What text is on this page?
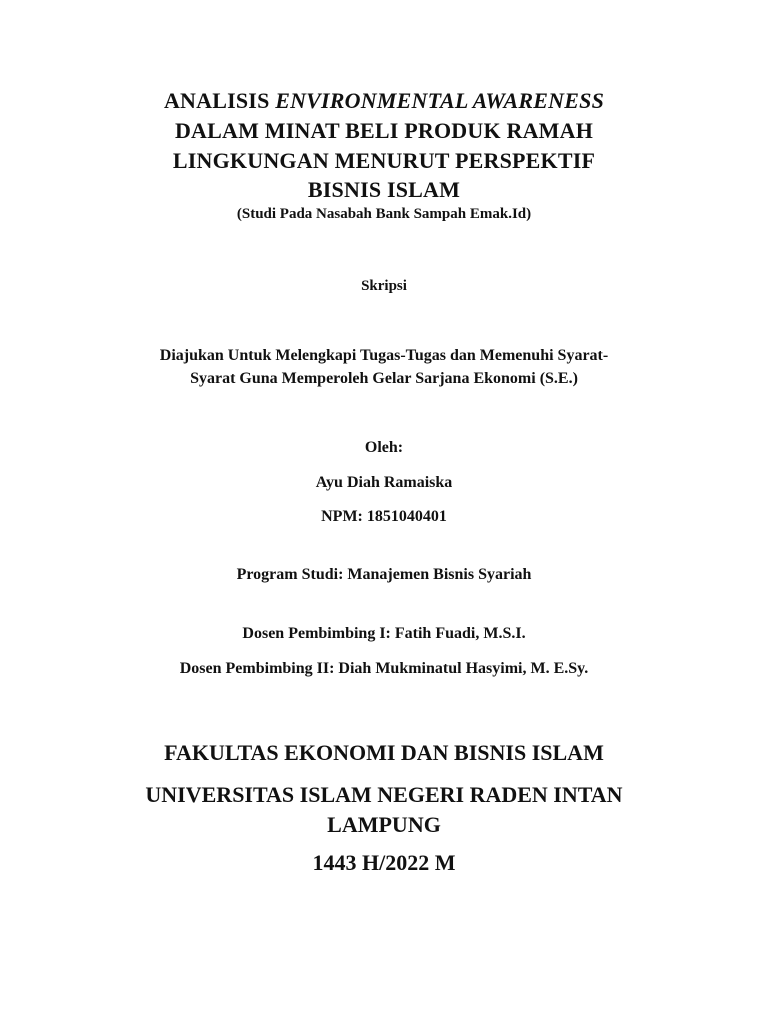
ANALISIS ENVIRONMENTAL AWARENESS
DALAM MINAT BELI PRODUK RAMAH
LINGKUNGAN MENURUT PERSPEKTIF
BISNIS ISLAM
(Studi Pada Nasabah Bank Sampah Emak.Id)
Skripsi
Diajukan Untuk Melengkapi Tugas-Tugas dan Memenuhi Syarat-
Syarat Guna Memperoleh Gelar Sarjana Ekonomi (S.E.)
Oleh:
Ayu Diah Ramaiska
NPM: 1851040401
Program Studi: Manajemen Bisnis Syariah
Dosen Pembimbing I: Fatih Fuadi, M.S.I.
Dosen Pembimbing II: Diah Mukminatul Hasyimi, M. E.Sy.
FAKULTAS EKONOMI DAN BISNIS ISLAM
UNIVERSITAS ISLAM NEGERI RADEN INTAN
LAMPUNG
1443 H/2022 M
